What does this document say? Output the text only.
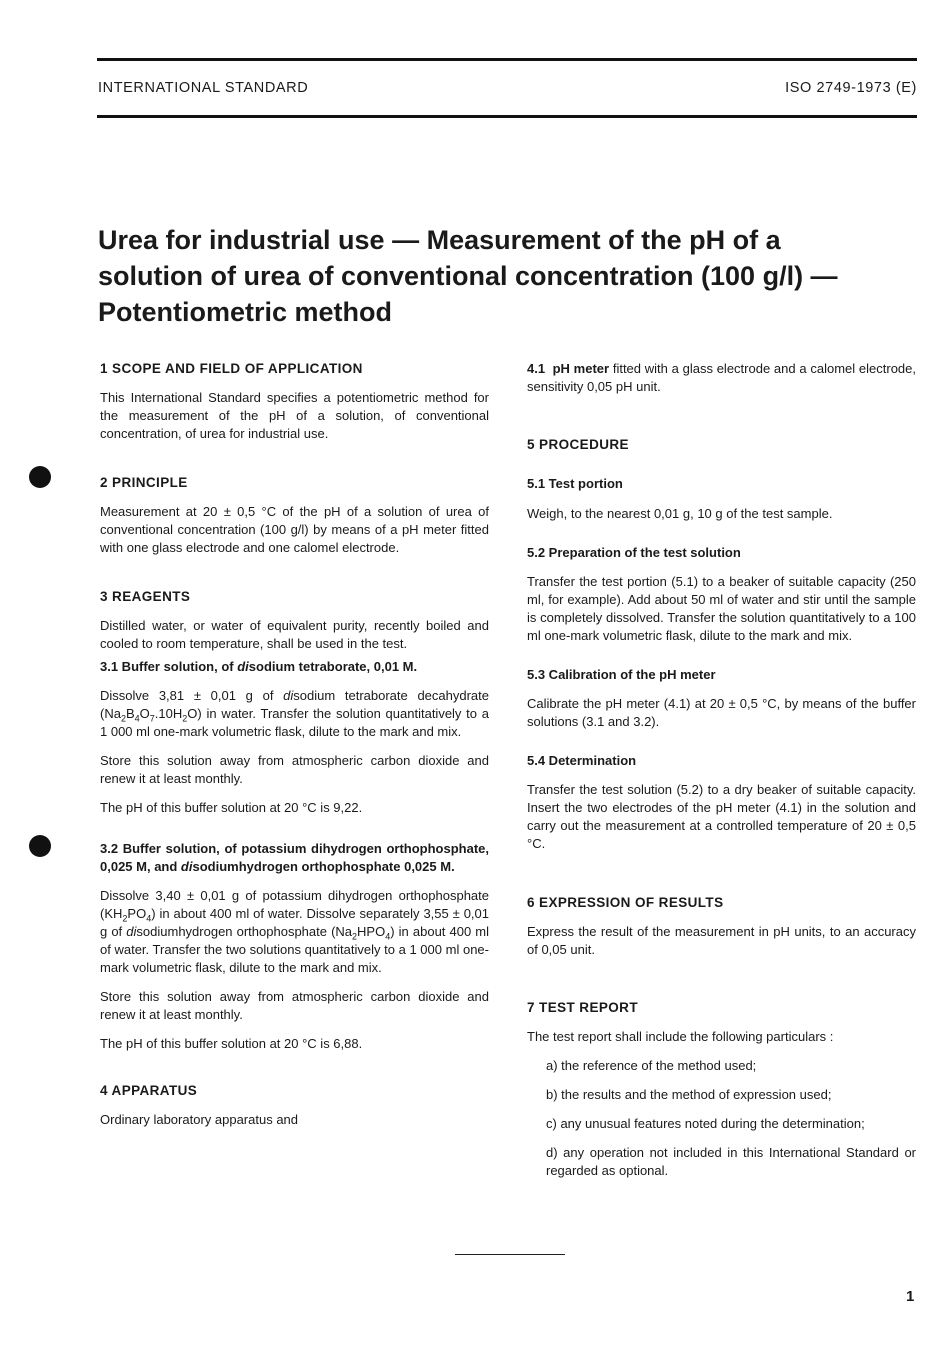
INTERNATIONAL STANDARD	ISO 2749-1973 (E)
Urea for industrial use — Measurement of the pH of a
solution of urea of conventional concentration (100 g/l) —
Potentiometric method

1 SCOPE AND FIELD OF APPLICATION

This International Standard specifies a potentiometric method for the measurement of the pH of a solution, of conventional concentration, of urea for industrial use.

2 PRINCIPLE

Measurement at 20 ± 0,5 °C of the pH of a solution of urea of conventional concentration (100 g/l) by means of a pH meter fitted with one glass electrode and one calomel electrode.

3 REAGENTS

Distilled water, or water of equivalent purity, recently boiled and cooled to room temperature, shall be used in the test.

3.1 Buffer solution, of disodium tetraborate, 0,01 M.

Dissolve 3,81 ± 0,01 g of disodium tetraborate decahydrate $(Na_2B_4O_7.10H_2O)$ in water. Transfer the solution quantitatively to a 1 000 ml one-mark volumetric flask, dilute to the mark and mix.

Store this solution away from atmospheric carbon dioxide and renew it at least monthly.

The pH of this buffer solution at 20 °C is 9,22.

3.2 Buffer solution, of potassium dihydrogen orthophosphate, 0,025 M, and disodiumhydrogen orthophosphate 0,025 M.

Dissolve 3,40 ± 0,01 g of potassium dihydrogen orthophosphate $(KH_2PO_4)$ in about 400 ml of water. Dissolve separately 3,55 ± 0,01 g of disodiumhydrogen orthophosphate $(Na_2HPO_4)$ in about 400 ml of water. Transfer the two solutions quantitatively to a 1 000 ml one-mark volumetric flask, dilute to the mark and mix.

Store this solution away from atmospheric carbon dioxide and renew it at least monthly.

The pH of this buffer solution at 20 °C is 6,88.

4 APPARATUS

Ordinary laboratory apparatus and

4.1 pH meter fitted with a glass electrode and a calomel electrode, sensitivity 0,05 pH unit.

5 PROCEDURE

5.1 Test portion

Weigh, to the nearest 0,01 g, 10 g of the test sample.

5.2 Preparation of the test solution

Transfer the test portion (5.1) to a beaker of suitable capacity (250 ml, for example). Add about 50 ml of water and stir until the sample is completely dissolved. Transfer the solution quantitatively to a 100 ml one-mark volumetric flask, dilute to the mark and mix.

5.3 Calibration of the pH meter

Calibrate the pH meter (4.1) at 20 ± 0,5 °C, by means of the buffer solutions (3.1 and 3.2).

5.4 Determination

Transfer the test solution (5.2) to a dry beaker of suitable capacity. Insert the two electrodes of the pH meter (4.1) in the solution and carry out the measurement at a controlled temperature of 20 ± 0,5 °C.

6 EXPRESSION OF RESULTS

Express the result of the measurement in pH units, to an accuracy of 0,05 unit.

7 TEST REPORT

The test report shall include the following particulars :

a) the reference of the method used;

b) the results and the method of expression used;

c) any unusual features noted during the determination;

d) any operation not included in this International Standard or regarded as optional.

1
